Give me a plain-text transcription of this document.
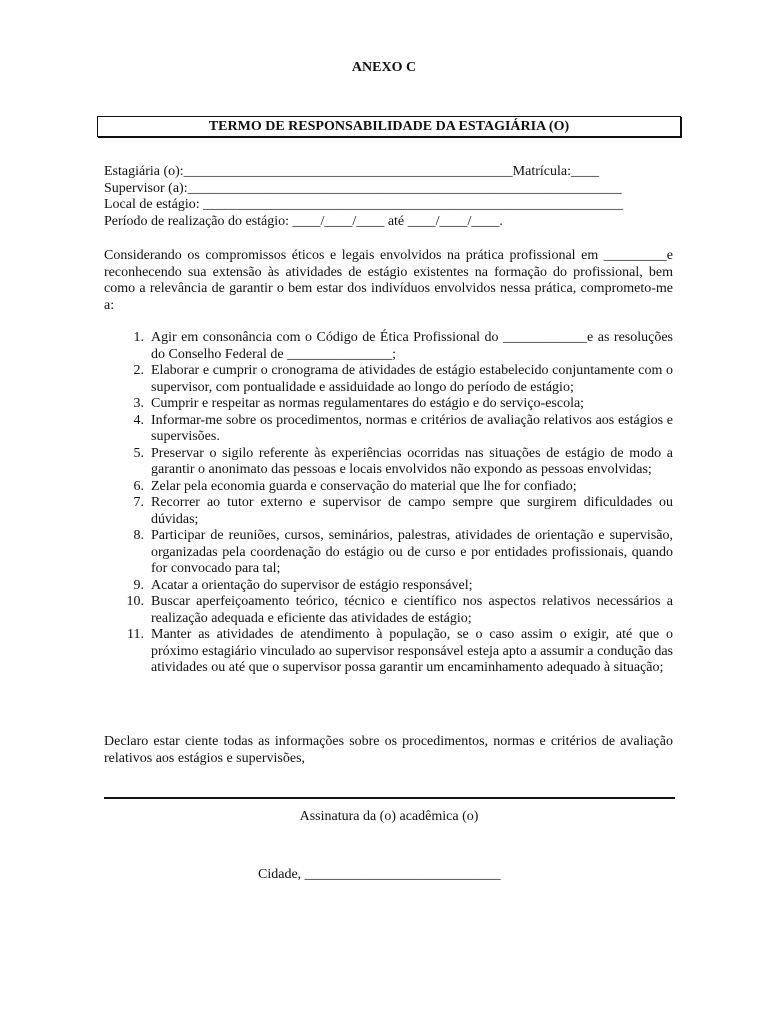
ANEXO C
TERMO DE RESPONSABILIDADE DA ESTAGIÁRIA (O)
Estagiária (o):_______________________________________________Matrícula:____
Supervisor (a):______________________________________________________________
Local de estágio: ____________________________________________________________
Período de realização do estágio: ____/____/____ até ____/____/____.
Considerando os compromissos éticos e legais envolvidos na prática profissional em _________e reconhecendo sua extensão às atividades de estágio existentes na formação do profissional, bem como a relevância de garantir o bem estar dos indivíduos envolvidos nessa prática, comprometo-me a:
1. Agir em consonância com o Código de Ética Profissional do ____________e as resoluções do Conselho Federal de _______________;
2. Elaborar e cumprir o cronograma de atividades de estágio estabelecido conjuntamente com o supervisor, com pontualidade e assiduidade ao longo do período de estágio;
3. Cumprir e respeitar as normas regulamentares do estágio e do serviço-escola;
4. Informar-me sobre os procedimentos, normas e critérios de avaliação relativos aos estágios e supervisões.
5. Preservar o sigilo referente às experiências ocorridas nas situações de estágio de modo a garantir o anonimato das pessoas e locais envolvidos não expondo as pessoas envolvidas;
6. Zelar pela economia guarda e conservação do material que lhe for confiado;
7. Recorrer ao tutor externo e supervisor de campo sempre que surgirem dificuldades ou dúvidas;
8. Participar de reuniões, cursos, seminários, palestras, atividades de orientação e supervisão, organizadas pela coordenação do estágio ou de curso e por entidades profissionais, quando for convocado para tal;
9. Acatar a orientação do supervisor de estágio responsável;
10. Buscar aperfeiçoamento teórico, técnico e científico nos aspectos relativos necessários a realização adequada e eficiente das atividades de estágio;
11. Manter as atividades de atendimento à população, se o caso assim o exigir, até que o próximo estagiário vinculado ao supervisor responsável esteja apto a assumir a condução das atividades ou até que o supervisor possa garantir um encaminhamento adequado à situação;
Declaro estar ciente todas as informações sobre os procedimentos, normas e critérios de avaliação relativos aos estágios e supervisões,
Assinatura da (o) acadêmica (o)
Cidade, ____________________________
